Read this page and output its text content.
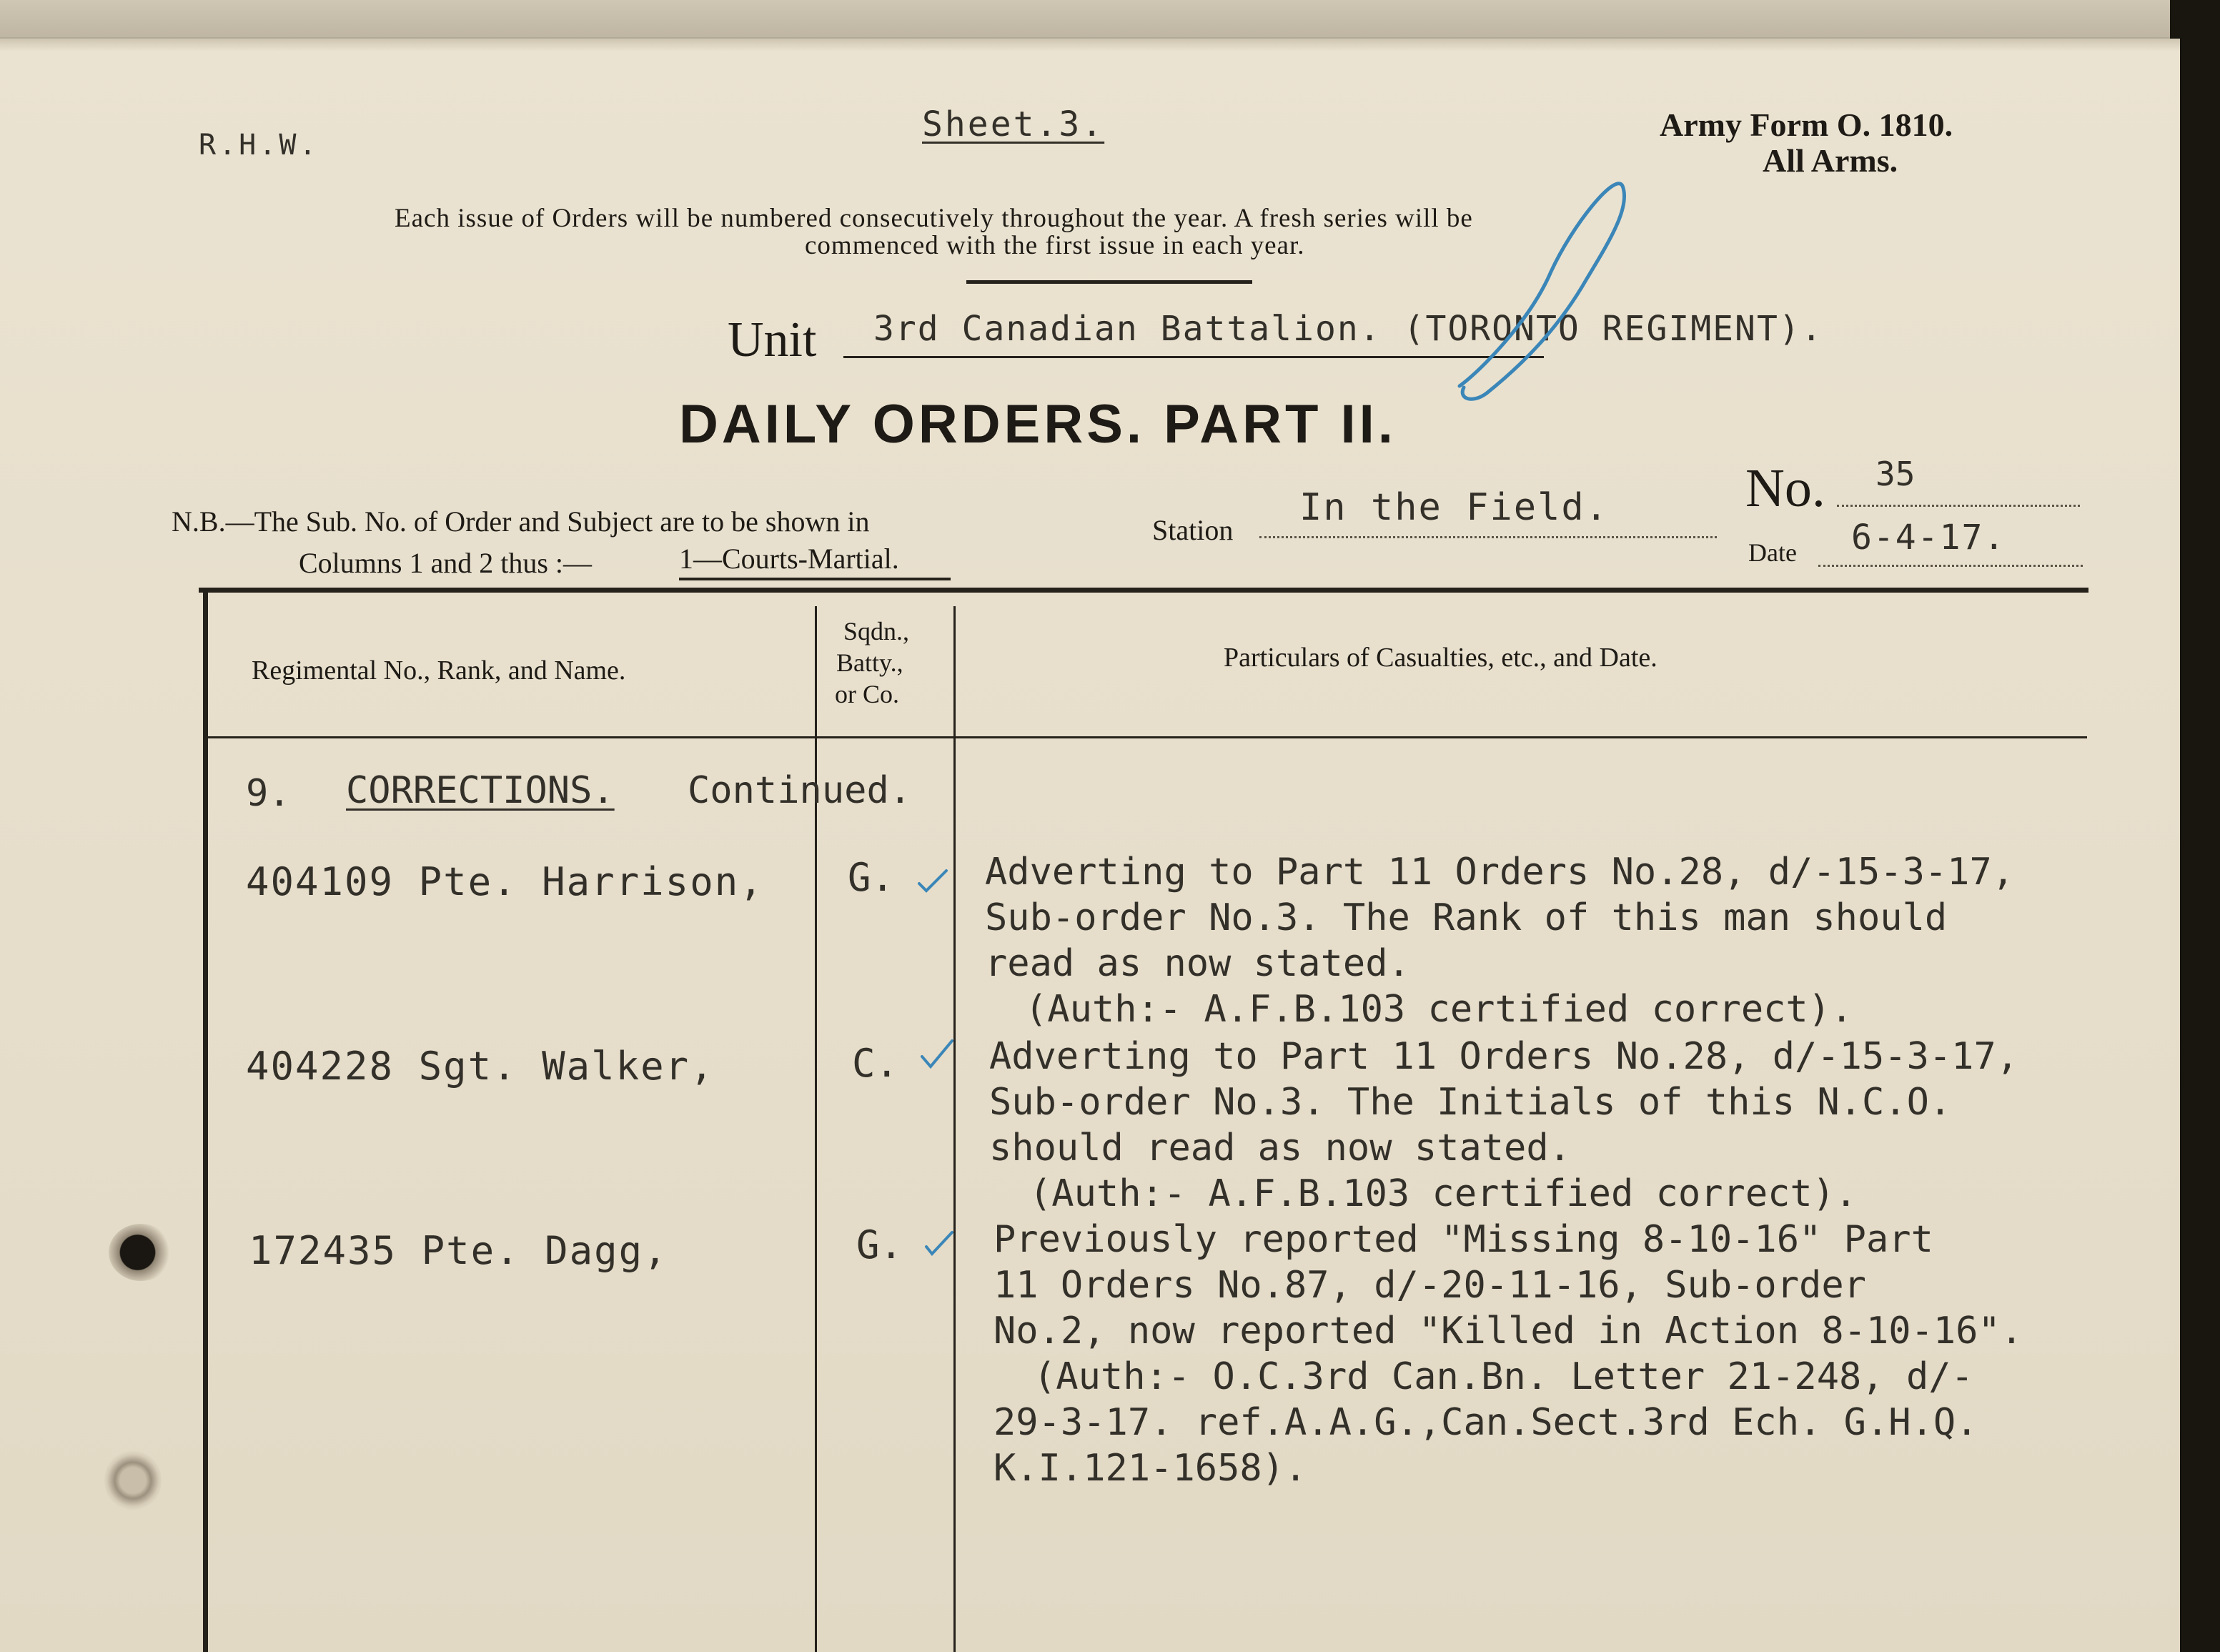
R.H.W.
Sheet.3.	Army Form O. 1810.
All Arms.
Each issue of Orders will be numbered consecutively throughout the year. A fresh series will be
commenced with the first issue in each year.
Unit 3rd Canadian Battalion. (TORONTO REGIMENT).
DAILY ORDERS. PART II.
N.B.—The Sub. No. of Order and Subject are to be shown in
Columns 1 and 2 thus :—	1—Courts-Martial.
Station
In the Field.	No. 35
Date 6-4-17.
Regimental No., Rank, and Name.
Sqdn.,
Batty.,
or Co.
Particulars of Casualties, etc., and Date.
9. CORRECTIONS. Continued.
404109 Pte. Harrison, G. Adverting to Part 11 Orders No.28, d/-15-3-17,
Sub-order No.3. The Rank of this man should
read as now stated.
(Auth:- A.F.B.103 certified correct).
404228 Sgt. Walker,	C. Adverting to Part 11 Orders No.28, d/-15-3-17,
Sub-order No.3. The Initials of this N.C.O.
should read as now stated.
(Auth:- A.F.B.103 certified correct).
172435 Pte. Dagg,	G. Previously reported "Missing 8-10-16" Part
11 Orders No.87, d/-20-11-16, Sub-order
No.2, now reported "Killed in Action 8-10-16".
(Auth:- O.C.3rd Can.Bn. Letter 21-248, d/-
29-3-17. ref.A.A.G.,Can.Sect.3rd Ech. G.H.Q.
K.I.121-1658).
